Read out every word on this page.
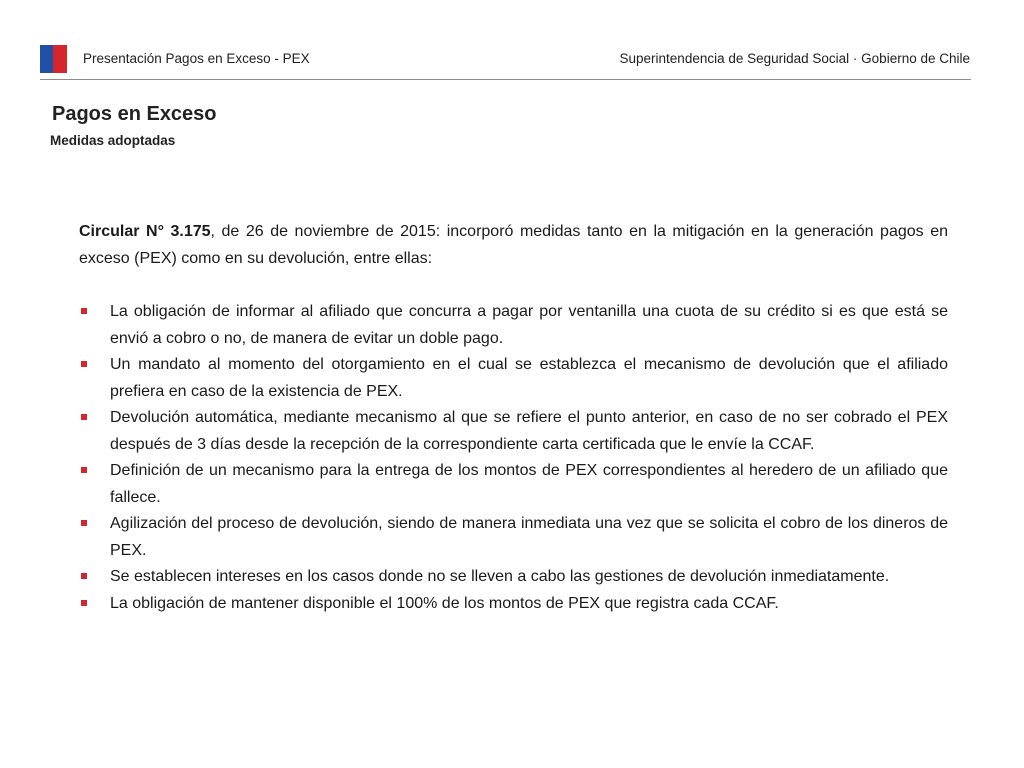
Presentación Pagos en Exceso - PEX	Superintendencia de Seguridad Social · Gobierno de Chile
Pagos en Exceso
Medidas adoptadas

Circular N° 3.175, de 26 de noviembre de 2015: incorporó medidas tanto en la mitigación en la generación pagos en exceso (PEX) como en su devolución, entre ellas:

La obligación de informar al afiliado que concurra a pagar por ventanilla una cuota de su crédito si es que está se envió a cobro o no, de manera de evitar un doble pago.
Un mandato al momento del otorgamiento en el cual se establezca el mecanismo de devolución que el afiliado prefiera en caso de la existencia de PEX.
Devolución automática, mediante mecanismo al que se refiere el punto anterior, en caso de no ser cobrado el PEX después de 3 días desde la recepción de la correspondiente carta certificada que le envíe la CCAF.
Definición de un mecanismo para la entrega de los montos de PEX correspondientes al heredero de un afiliado que fallece.
Agilización del proceso de devolución, siendo de manera inmediata una vez que se solicita el cobro de los dineros de PEX.
Se establecen intereses en los casos donde no se lleven a cabo las gestiones de devolución inmediatamente.
La obligación de mantener disponible el 100% de los montos de PEX que registra cada CCAF.
